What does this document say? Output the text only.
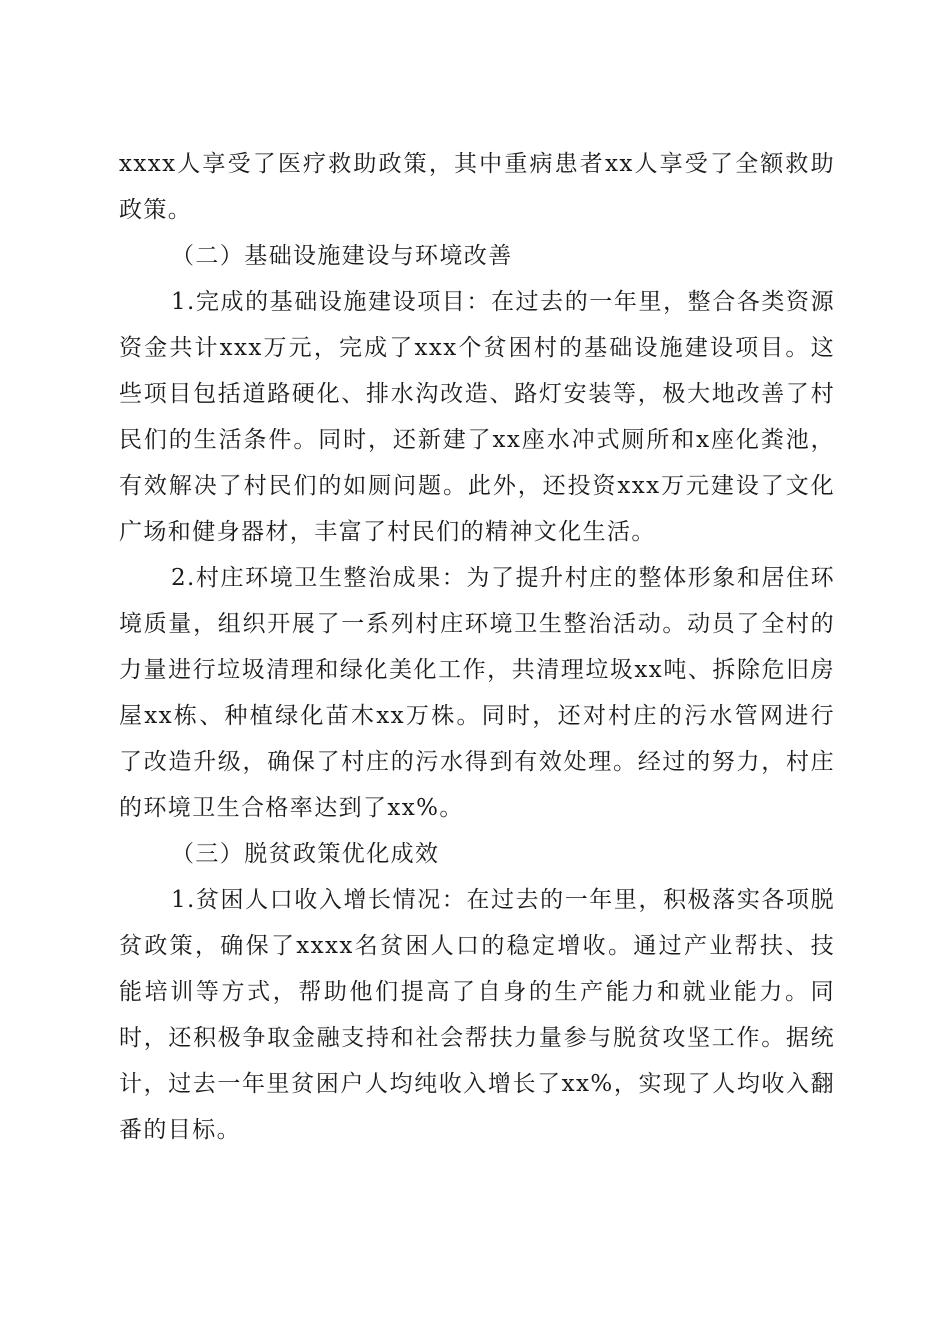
xxxx人享受了医疗救助政策，其中重病患者xx人享受了全额救助政策。

（二）基础设施建设与环境改善

1.完成的基础设施建设项目：在过去的一年里，整合各类资源资金共计xxx万元，完成了xxx个贫困村的基础设施建设项目。这些项目包括道路硬化、排水沟改造、路灯安装等，极大地改善了村民们的生活条件。同时，还新建了xx座水冲式厕所和x座化粪池，有效解决了村民们的如厕问题。此外，还投资xxx万元建设了文化广场和健身器材，丰富了村民们的精神文化生活。

2.村庄环境卫生整治成果：为了提升村庄的整体形象和居住环境质量，组织开展了一系列村庄环境卫生整治活动。动员了全村的力量进行垃圾清理和绿化美化工作，共清理垃圾xx吨、拆除危旧房屋xx栋、种植绿化苗木xx万株。同时，还对村庄的污水管网进行了改造升级，确保了村庄的污水得到有效处理。经过的努力，村庄的环境卫生合格率达到了xx%。

（三）脱贫政策优化成效

1.贫困人口收入增长情况：在过去的一年里，积极落实各项脱贫政策，确保了xxxx名贫困人口的稳定增收。通过产业帮扶、技能培训等方式，帮助他们提高了自身的生产能力和就业能力。同时，还积极争取金融支持和社会帮扶力量参与脱贫攻坚工作。据统计，过去一年里贫困户人均纯收入增长了xx%，实现了人均收入翻番的目标。
